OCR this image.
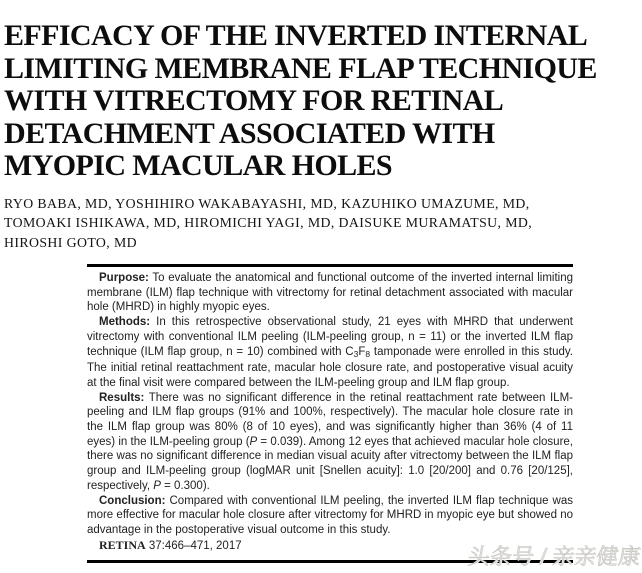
EFFICACY OF THE INVERTED INTERNAL
LIMITING MEMBRANE FLAP TECHNIQUE
WITH VITRECTOMY FOR RETINAL
DETACHMENT ASSOCIATED WITH
MYOPIC MACULAR HOLES
RYO BABA, MD, YOSHIHIRO WAKABAYASHI, MD, KAZUHIKO UMAZUME, MD,
TOMOAKI ISHIKAWA, MD, HIROMICHI YAGI, MD, DAISUKE MURAMATSU, MD,
HIROSHI GOTO, MD

Purpose: To evaluate the anatomical and functional outcome of the inverted internal limiting membrane (ILM) flap technique with vitrectomy for retinal detachment associated with macular hole (MHRD) in highly myopic eyes.

Methods: In this retrospective observational study, 21 eyes with MHRD that underwent vitrectomy with conventional ILM peeling (ILM-peeling group, n = 11) or the inverted ILM flap technique (ILM flap group, n = 10) combined with C3F8 tamponade were enrolled in this study. The initial retinal reattachment rate, macular hole closure rate, and postoperative visual acuity at the final visit were compared between the ILM-peeling group and ILM flap group.

Results: There was no significant difference in the retinal reattachment rate between ILM-peeling and ILM flap groups (91% and 100%, respectively). The macular hole closure rate in the ILM flap group was 80% (8 of 10 eyes), and was significantly higher than 36% (4 of 11 eyes) in the ILM-peeling group (P = 0.039). Among 12 eyes that achieved macular hole closure, there was no significant difference in median visual acuity after vitrectomy between the ILM flap group and ILM-peeling group (logMAR unit [Snellen acuity]: 1.0 [20/200] and 0.76 [20/125], respectively, P = 0.300).

Conclusion: Compared with conventional ILM peeling, the inverted ILM flap technique was more effective for macular hole closure after vitrectomy for MHRD in myopic eye but showed no advantage in the postoperative visual outcome in this study.

RETINA 37:466–471, 2017	头条号 / 亲亲健康
